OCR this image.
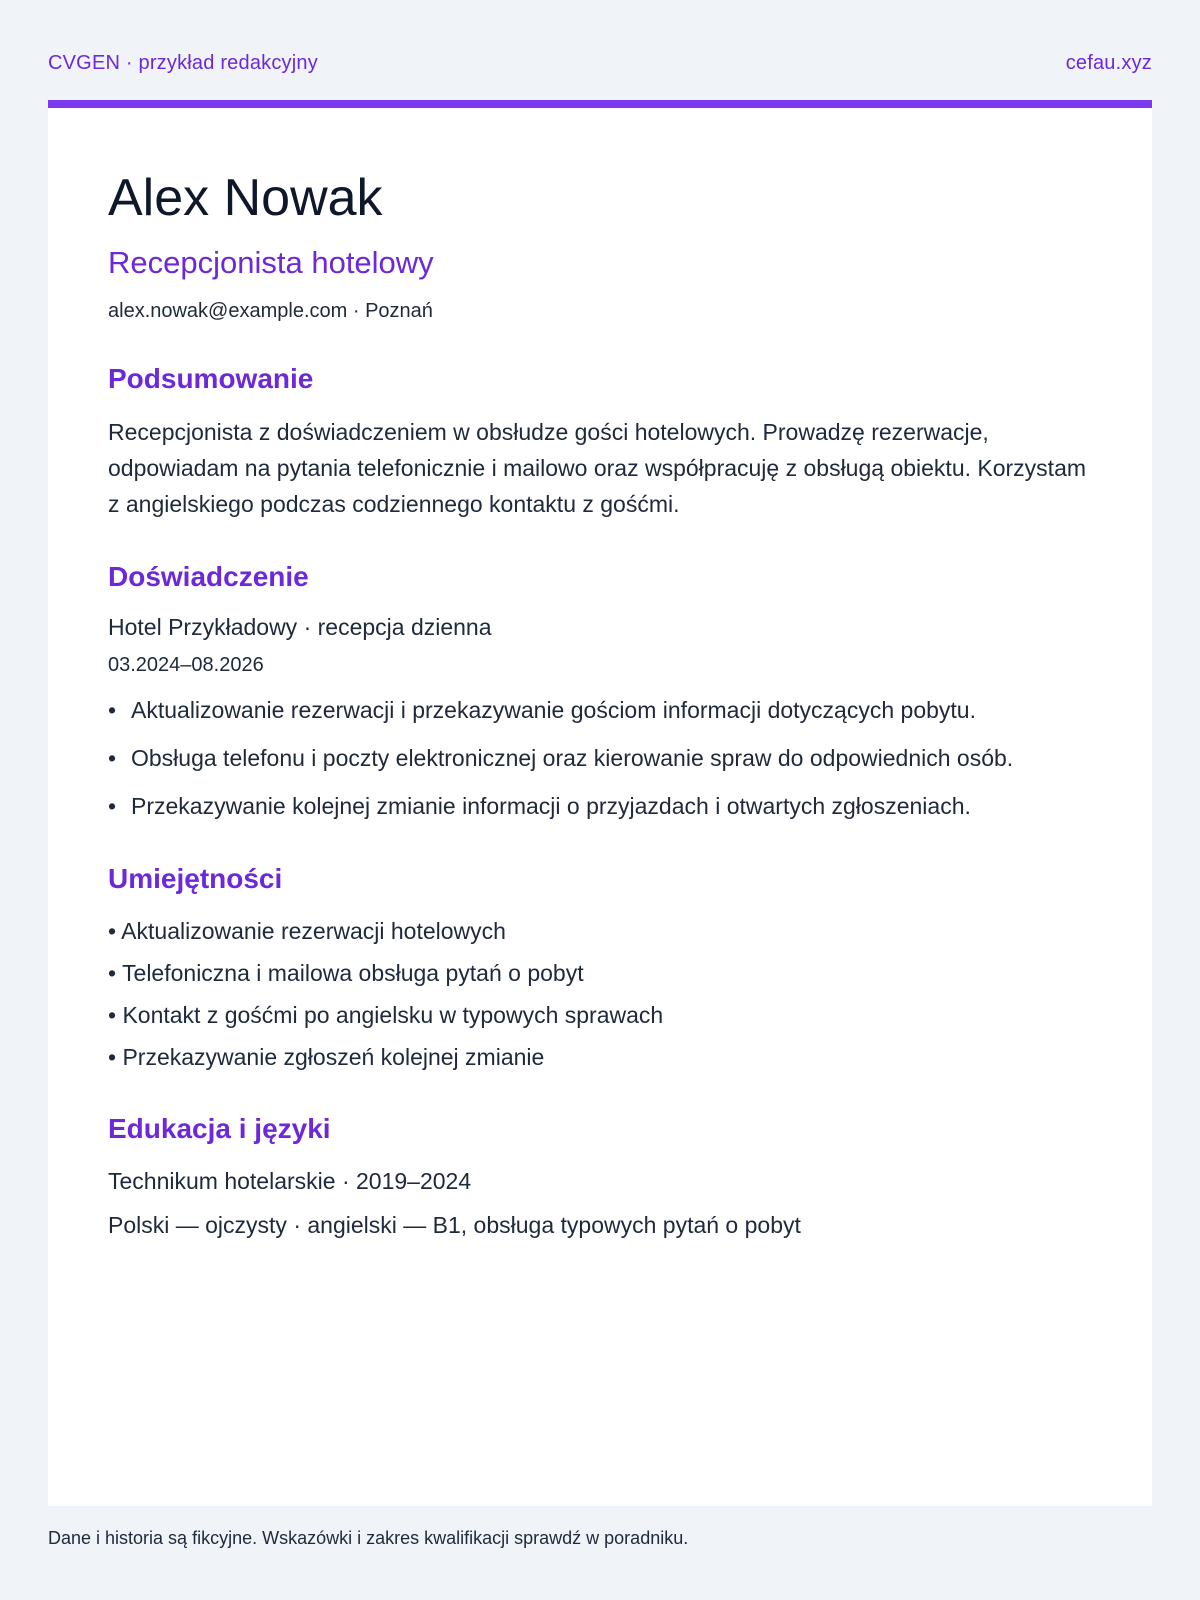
CVGEN · przykład redakcyjny	cefau.xyz
Alex Nowak
Recepcjonista hotelowy
alex.nowak@example.com · Poznań
Podsumowanie

Recepcjonista z doświadczeniem w obsłudze gości hotelowych. Prowadzę rezerwacje, odpowiadam na pytania telefonicznie i mailowo oraz współpracuję z obsługą obiektu. Korzystam z angielskiego podczas codziennego kontaktu z gośćmi.

Doświadczenie
Hotel Przykładowy · recepcja dzienna
03.2024–08.2026
• Aktualizowanie rezerwacji i przekazywanie gościom informacji dotyczących pobytu.
• Obsługa telefonu i poczty elektronicznej oraz kierowanie spraw do odpowiednich osób.
• Przekazywanie kolejnej zmianie informacji o przyjazdach i otwartych zgłoszeniach.
Umiejętności
• Aktualizowanie rezerwacji hotelowych
• Telefoniczna i mailowa obsługa pytań o pobyt
• Kontakt z gośćmi po angielsku w typowych sprawach
• Przekazywanie zgłoszeń kolejnej zmianie
Edukacja i języki
Technikum hotelarskie · 2019–2024
Polski — ojczysty · angielski — B1, obsługa typowych pytań o pobyt
Dane i historia są fikcyjne. Wskazówki i zakres kwalifikacji sprawdź w poradniku.
